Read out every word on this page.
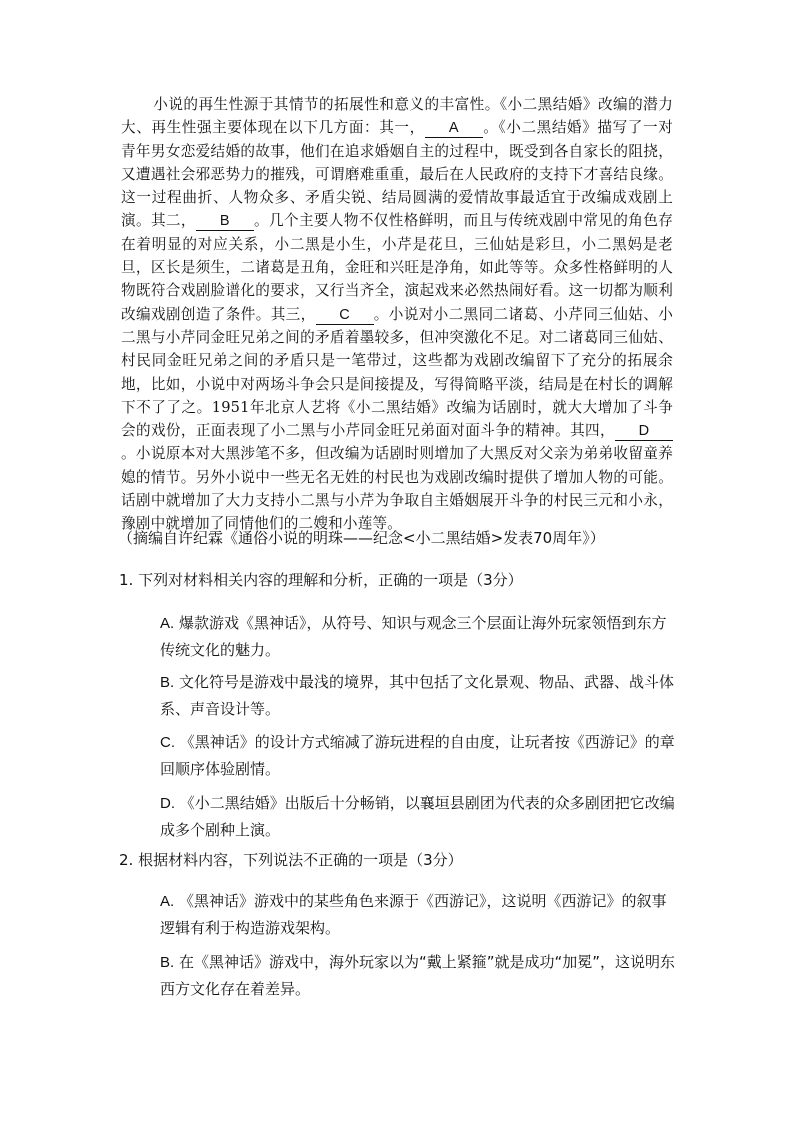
小说的再生性源于其情节的拓展性和意义的丰富性。《小二黑结婚》改编的潜力大、再生性强主要体现在以下几方面：其一， A 。《小二黑结婚》描写了一对青年男女恋爱结婚的故事，他们在追求婚姻自主的过程中，既受到各自家长的阻挠，又遭遇社会邪恶势力的摧残，可谓磨难重重，最后在人民政府的支持下才喜结良缘。这一过程曲折、人物众多、矛盾尖锐、结局圆满的爱情故事最适宜于改编成戏剧上演。其二， B 。几个主要人物不仅性格鲜明，而且与传统戏剧中常见的角色存在着明显的对应关系，小二黑是小生，小芹是花旦，三仙姑是彩旦，小二黑妈是老旦，区长是须生，二诸葛是丑角，金旺和兴旺是净角，如此等等。众多性格鲜明的人物既符合戏剧脸谱化的要求，又行当齐全，演起戏来必然热闹好看。这一切都为顺利改编戏剧创造了条件。其三， C 。小说对小二黑同二诸葛、小芹同三仙姑、小二黑与小芹同金旺兄弟之间的矛盾着墨较多，但冲突激化不足。对二诸葛同三仙姑、村民同金旺兄弟之间的矛盾只是一笔带过，这些都为戏剧改编留下了充分的拓展余地，比如，小说中对两场斗争会只是间接提及，写得简略平淡，结局是在村长的调解下不了了之。1951年北京人艺将《小二黑结婚》改编为话剧时，就大大增加了斗争会的戏份，正面表现了小二黑与小芹同金旺兄弟面对面斗争的精神。其四， D。小说原本对大黑涉笔不多，但改编为话剧时则增加了大黑反对父亲为弟弟收留童养媳的情节。另外小说中一些无名无姓的村民也为戏剧改编时提供了增加人物的可能。话剧中就增加了大力支持小二黑与小芹为争取自主婚姻展开斗争的村民三元和小永，豫剧中就增加了同情他们的二嫂和小莲等。

（摘编自许纪霖《通俗小说的明珠——纪念<小二黑结婚>发表70周年》）

1. 下列对材料相关内容的理解和分析，正确的一项是（3分）

A. 爆款游戏《黑神话》，从符号、知识与观念三个层面让海外玩家领悟到东方传统文化的魅力。

B. 文化符号是游戏中最浅的境界，其中包括了文化景观、物品、武器、战斗体系、声音设计等。

C. 《黑神话》的设计方式缩减了游玩进程的自由度，让玩者按《西游记》的章回顺序体验剧情。

D. 《小二黑结婚》出版后十分畅销，以襄垣县剧团为代表的众多剧团把它改编成多个剧种上演。

2. 根据材料内容，下列说法不正确的一项是（3分）

A. 《黑神话》游戏中的某些角色来源于《西游记》，这说明《西游记》的叙事逻辑有利于构造游戏架构。

B. 在《黑神话》游戏中，海外玩家以为“戴上紧箍”就是成功“加冕”，这说明东西方文化存在着差异。
